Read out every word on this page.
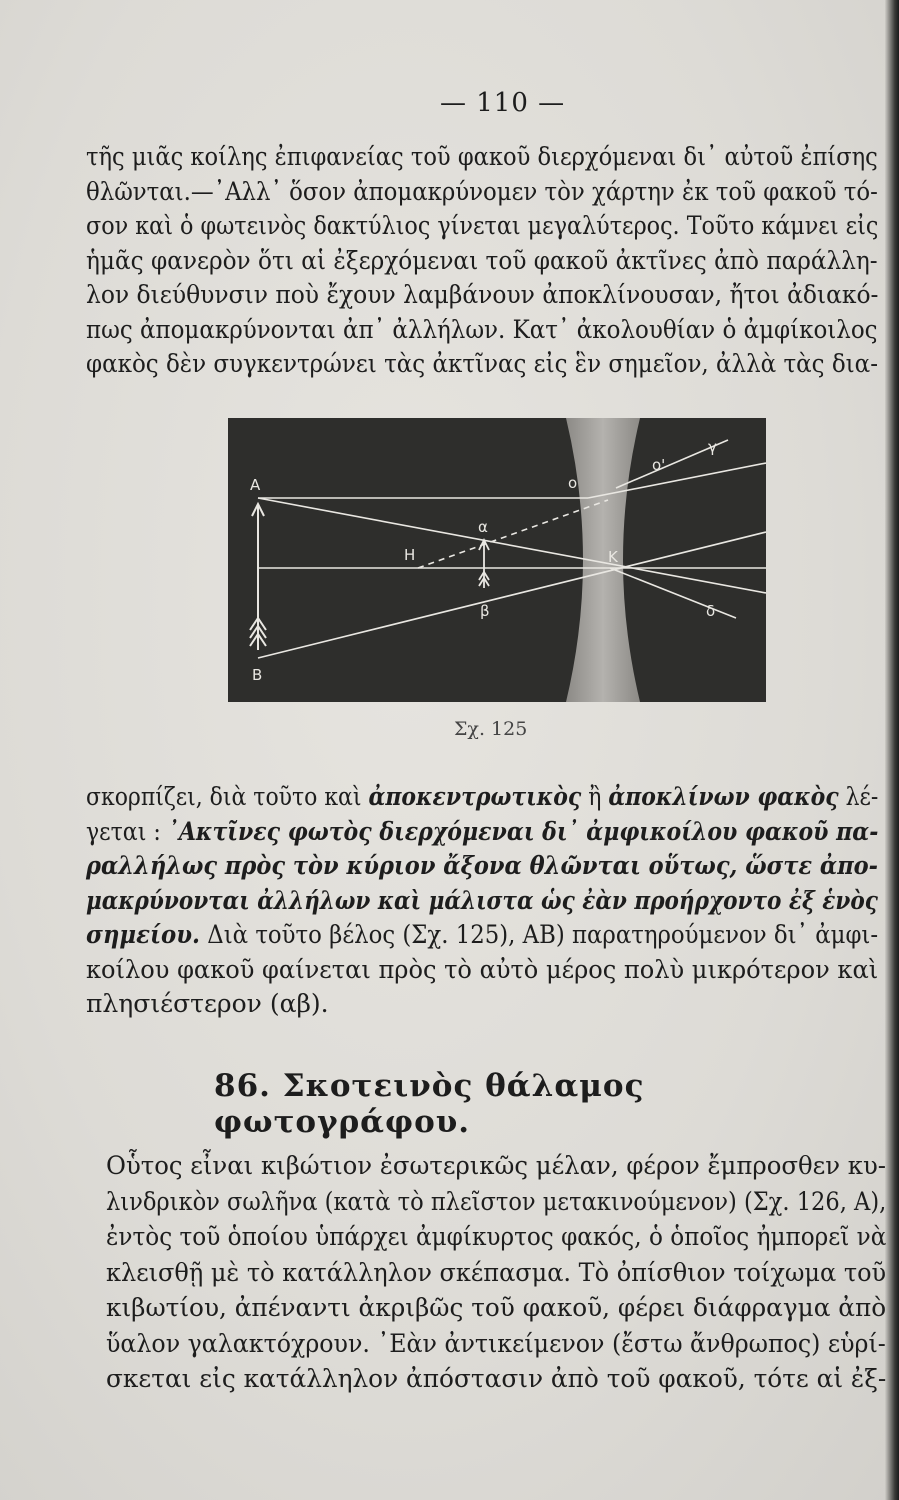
— 110 —
τῆς μιᾶς κοίλης ἐπιφανείας τοῦ φακοῦ διερχόμεναι δι᾽ αὐτοῦ ἐπίσης
θλῶνται.—᾽Αλλ᾽ ὅσον ἀπομακρύνομεν τὸν χάρτην ἐκ τοῦ φακοῦ τό-
σον καὶ ὁ φωτεινὸς δακτύλιος γίνεται μεγαλύτερος. Τοῦτο κάμνει εἰς
ἡμᾶς φανερὸν ὅτι αἱ ἐξερχόμεναι τοῦ φακοῦ ἀκτῖνες ἀπὸ παράλλη-
λον διεύθυνσιν ποὺ ἔχουν λαμβάνουν ἀποκλίνουσαν, ἤτοι ἀδιακό-
πως ἀπομακρύνονται ἀπ᾽ ἀλλήλων. Κατ᾽ ἀκολουθίαν ὁ ἀμφίκοιλος
φακὸς δὲν συγκεντρώνει τὰς ἀκτῖνας εἰς ἓν σημεῖον, ἀλλὰ τὰς δια-
Α
Β
Η	Κ
α
β
γ
δ
ο
ο'
Σχ. 125
σκορπίζει, διὰ τοῦτο καὶ ἀποκεντρωτικὸς ἢ ἀποκλίνων φακὸς λέ-
γεται : ᾽Ακτῖνες φωτὸς διερχόμεναι δι᾽ ἀμφικοίλου φακοῦ πα-
ραλλήλως πρὸς τὸν κύριον ἄξονα θλῶνται οὕτως, ὥστε ἀπο-
μακρύνονται ἀλλήλων καὶ μάλιστα ὡς ἐὰν προήρχοντο ἐξ ἑνὸς
σημείου. Διὰ τοῦτο βέλος (Σχ. 125), ΑΒ) παρατηρούμενον δι᾽ ἀμφι-
κοίλου φακοῦ φαίνεται πρὸς τὸ αὐτὸ μέρος πολὺ μικρότερον καὶ
πλησιέστερον (αβ).
86. Σκοτεινὸς θάλαμος φωτογράφου.
Οὗτος εἶναι κιβώτιον ἐσωτερικῶς μέλαν, φέρον ἔμπροσθεν κυ-
λινδρικὸν σωλῆνα (κατὰ τὸ πλεῖστον μετακινούμενον) (Σχ. 126, Α),
ἐντὸς τοῦ ὁποίου ὑπάρχει ἀμφίκυρτος φακός, ὁ ὁποῖος ἠμπορεῖ νὰ
κλεισθῇ μὲ τὸ κατάλληλον σκέπασμα. Τὸ ὀπίσθιον τοίχωμα τοῦ
κιβωτίου, ἀπέναντι ἀκριβῶς τοῦ φακοῦ, φέρει διάφραγμα ἀπὸ
ὕαλον γαλακτόχρουν. ᾽Εὰν ἀντικείμενον (ἔστω ἄνθρωπος) εὑρί-
σκεται εἰς κατάλληλον ἀπόστασιν ἀπὸ τοῦ φακοῦ, τότε αἱ ἐξ-
